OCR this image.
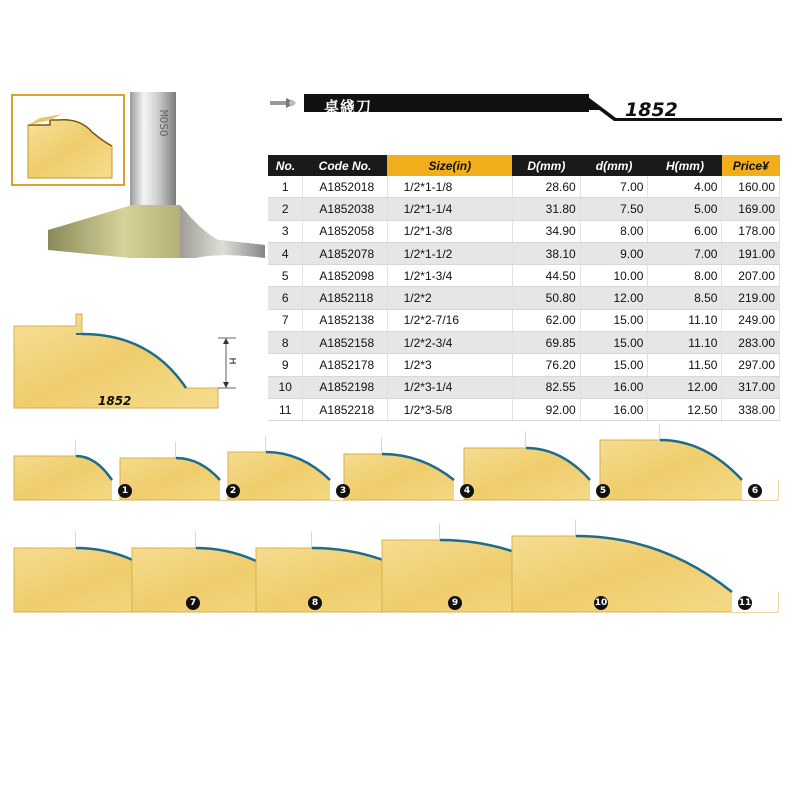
MOSO
H
1852
桌綫刀	1852
No.	Code No.	Size(in)	D(mm)	d(mm)	H(mm)	Price¥
1	A1852018	1/2*1-1/8	28.60	7.00	4.00	160.00
2	A1852038	1/2*1-1/4	31.80	7.50	5.00	169.00
3	A1852058	1/2*1-3/8	34.90	8.00	6.00	178.00
4	A1852078	1/2*1-1/2	38.10	9.00	7.00	191.00
5	A1852098	1/2*1-3/4	44.50	10.00	8.00	207.00
6	A1852118	1/2*2	50.80	12.00	8.50	219.00
7	A1852138	1/2*2-7/16	62.00	15.00	11.10	249.00
8	A1852158	1/2*2-3/4	69.85	15.00	11.10	283.00
9	A1852178	1/2*3	76.20	15.00	11.50	297.00
10	A1852198	1/2*3-1/4	82.55	16.00	12.00	317.00
11	A1852218	1/2*3-5/8	92.00	16.00	12.50	338.00
1	2	3	4	5	6
7	8	9	10	11
